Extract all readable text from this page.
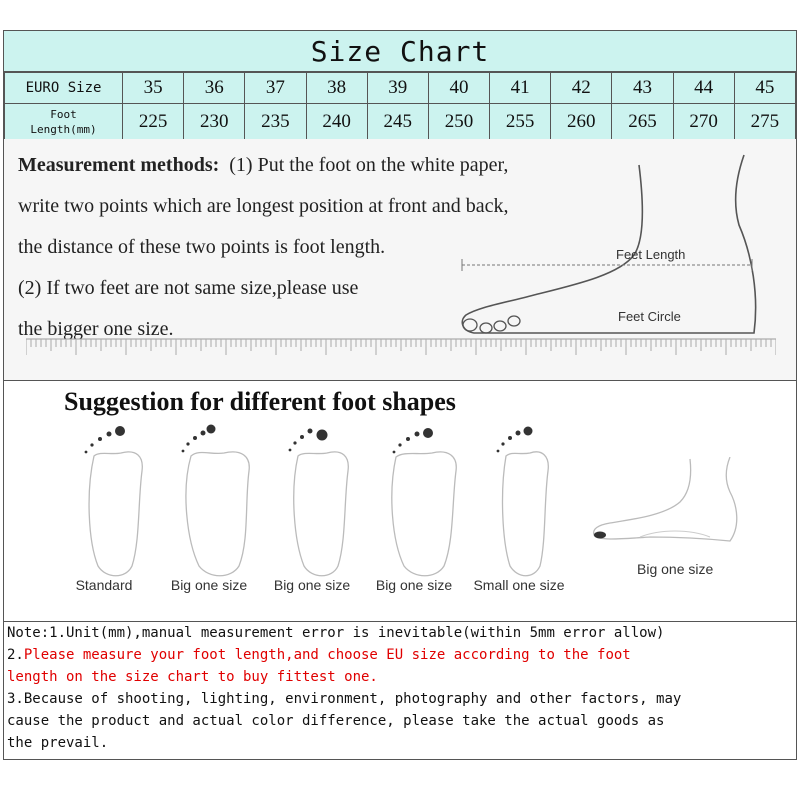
Size Chart
EURO Size	35	36	37	38	39	40	41	42	43	44	45
Foot
Length(mm)	225	230	235	240	245	250	255	260	265	270	275
Measurement methods: (1) Put the foot on the white paper,
write two points which are longest position at front and back,
the distance of these two points is foot length.
(2) If two feet are not same size,please use
the bigger one size.
Feet Length
Feet Circle
Suggestion for different foot shapes
Standard	Big one size	Big one size	Big one size	Small one size
Big one size
Note:1.Unit(mm),manual measurement error is inevitable(within 5mm error allow)
2.Please measure your foot length,and choose EU size according to the foot
length on the size chart to buy fittest one.
3.Because of shooting, lighting, environment, photography and other factors, may
cause the product and actual color difference, please take the actual goods as
the prevail.
